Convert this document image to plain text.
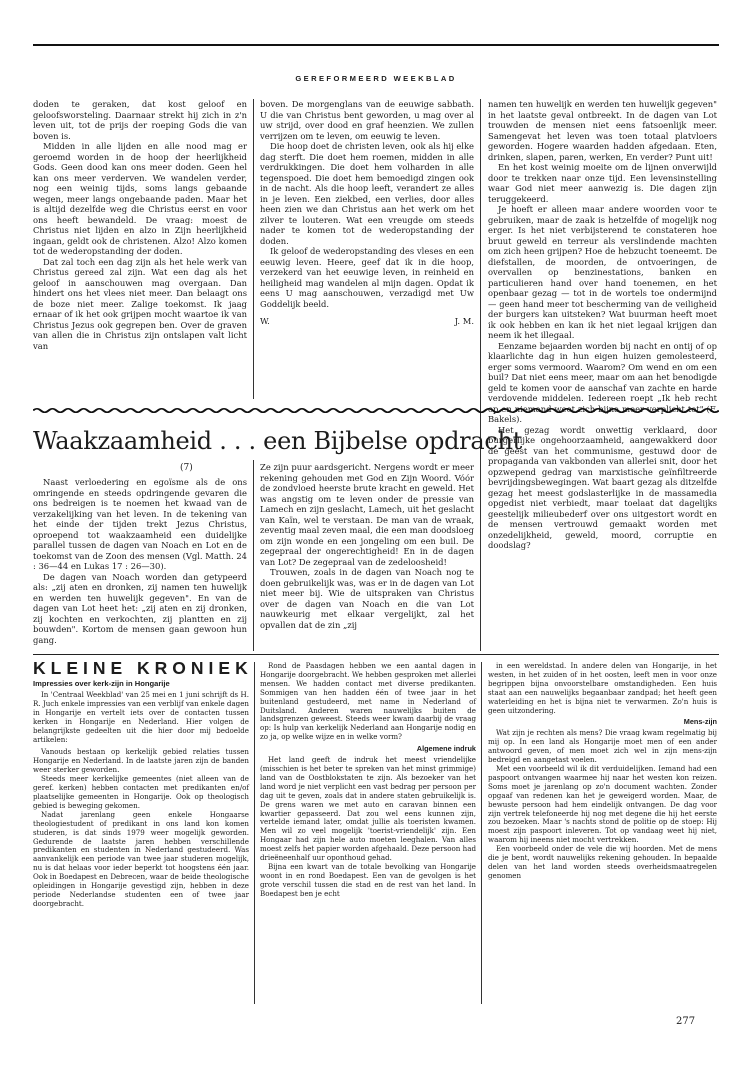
GEREFORMEERD WEEKBLAD

doden te geraken, dat kost geloof en geloofsworsteling. Daarnaar strekt hij zich in z'n leven uit, tot de prijs der roeping Gods die van boven is.

Midden in alle lijden en alle nood mag er geroemd worden in de hoop der heerlijkheid Gods. Geen dood kan ons meer doden. Geen hel kan ons meer verderven. We wandelen verder, nog een weinig tijds, soms langs gebaande wegen, meer langs ongebaande paden. Maar het is altijd dezelfde weg die Christus eerst en voor ons heeft bewandeld. De vraag: moest de Christus niet lijden en alzo in Zijn heerlijkheid ingaan, geldt ook de christenen. Alzo! Alzo komen tot de wederopstanding der doden.

Dat zal toch een dag zijn als het hele werk van Christus gereed zal zijn. Wat een dag als het geloof in aanschouwen mag overgaan. Dan hindert ons het vlees niet meer. Dan belaagt ons de boze niet meer. Zalige toekomst. Ik jaag ernaar of ik het ook grijpen mocht waartoe ik van Christus Jezus ook gegrepen ben. Over de graven van allen die in Christus zijn ontslapen valt licht van

boven. De morgenglans van de eeuwige sabbath. U die van Christus bent geworden, u mag over al uw strijd, over dood en graf heenzien. We zullen verrijzen om te leven, om eeuwig te leven.

Die hoop doet de christen leven, ook als hij elke dag sterft. Die doet hem roemen, midden in alle verdrukkingen. Die doet hem volharden in alle tegenspoed. Die doet hem bemoedigd zingen ook in de nacht. Als die hoop leeft, verandert ze alles in je leven. Een ziekbed, een verlies, door alles heen zien we dan Christus aan het werk om het zilver te louteren. Wat een vreugde om steeds nader te komen tot de wederopstanding der doden.

Ik geloof de wederopstanding des vleses en een eeuwig leven. Heere, geef dat ik in die hoop, verzekerd van het eeuwige leven, in reinheid en heiligheid mag wandelen al mijn dagen. Opdat ik eens U mag aanschouwen, verzadigd met Uw Goddelijk beeld.

W.	J. M.

namen ten huwelijk en werden ten huwelijk gegeven" in het laatste geval ontbreekt. In de dagen van Lot trouwden de mensen niet eens fatsoenlijk meer. Samengevat het leven was toen totaal platvloers geworden. Hogere waarden hadden afgedaan. Eten, drinken, slapen, paren, werken, En verder? Punt uit!

En het kost weinig moeite om de lijnen onverwijld door te trekken naar onze tijd. Een levensinstelling waar God niet meer aanwezig is. Die dagen zijn teruggekeerd.

Je hoeft er alleen maar andere woorden voor te gebruiken, maar de zaak is hetzelfde of mogelijk nog erger. Is het niet verbijsterend te constateren hoe bruut geweld en terreur als verslindende machten om zich heen grijpen? Hoe de hebzucht toeneemt. De diefstallen, de moorden, de ontvoeringen, de overvallen op benzinestations, banken en particulieren hand over hand toenemen, en het openbaar gezag — tot in de wortels toe ondermijnd — geen hand meer tot bescherming van de veiligheid der burgers kan uitsteken? Wat buurman heeft moet ik ook hebben en kan ik het niet legaal krijgen dan neem ik het illegaal.

Eenzame bejaarden worden bij nacht en ontij of op klaarlichte dag in hun eigen huizen gemolesteerd, erger soms vermoord. Waarom? Om wend en om een buil? Dat niet eens meer, maar om aan het benodigde geld te komen voor de aanschaf van zachte en harde verdovende middelen. Iedereen roept „Ik heb recht op en niemand weet zich bijna meer verplicht tot" (F. Bakels).

Het gezag wordt onwettig verklaard, door burgerlijke ongehoorzaamheid, aangewakkerd door de geest van het communisme, gestuwd door de propaganda van vakbonden van allerlei snit, door het opzwepend gedrag van marxistische geïnfiltreerde bevrijdingsbewegingen. Wat baart gezag als ditzelfde gezag het meest godslasterlijke in de massamedia opgedist niet verbiedt, maar toelaat dat dagelijks geestelijk milieubederf over ons uitgestort wordt en de mensen vertrouwd gemaakt worden met onzedelijkheid, geweld, moord, corruptie en doodslag?

Waakzaamheid . . . een Bijbelse opdracht
(7)

Naast verloedering en egoïsme als de ons omringende en steeds opdringende gevaren die ons bedreigen is te noemen het kwaad van de verzakelijking van het leven. In de tekening van het einde der tijden trekt Jezus Christus, oproepend tot waakzaamheid een duidelijke parallel tussen de dagen van Noach en Lot en de toekomst van de Zoon des mensen (Vgl. Matth. 24 : 36—44 en Lukas 17 : 26—30).

De dagen van Noach worden dan getypeerd als: „zij aten en dronken, zij namen ten huwelijk en werden ten huwelijk gegeven". En van de dagen van Lot heet het: „zij aten en zij dronken, zij kochten en verkochten, zij plantten en zij bouwden". Kortom de mensen gaan gewoon hun gang.

Ze zijn puur aardsgericht. Nergens wordt er meer rekening gehouden met God en Zijn Woord. Vóór de zondvloed heerste brute kracht en geweld. Het was angstig om te leven onder de pressie van Lamech en zijn geslacht, Lamech, uit het geslacht van Kaïn, wel te verstaan. De man van de wraak, zeventig maal zeven maal, die een man doodsloeg om zijn wonde en een jongeling om een buil. De zegepraal der ongerechtigheid! En in de dagen van Lot? De zegepraal van de zedeloosheid!

Trouwen, zoals in de dagen van Noach nog te doen gebruikelijk was, was er in de dagen van Lot niet meer bij. Wie de uitspraken van Christus over de dagen van Noach en die van Lot nauwkeurig met elkaar vergelijkt, zal het opvallen dat de zin „zij

KLEINE KRONIEK
Impressies over kerk-zijn in Hongarije

In 'Centraal Weekblad' van 25 mei en 1 juni schrijft ds H. R. Juch enkele impressies van een verblijf van enkele dagen in Hongarije en vertelt iets over de contacten tussen kerken in Hongarije en Nederland. Hier volgen de belangrijkste gedeelten uit die hier door mij bedoelde artikelen:

Vanouds bestaan op kerkelijk gebied relaties tussen Hongarije en Nederland. In de laatste jaren zijn de banden weer sterker geworden.

Steeds meer kerkelijke gemeentes (niet alleen van de geref. kerken) hebben contacten met predikanten en/of plaatselijke gemeenten in Hongarije. Ook op theologisch gebied is beweging gekomen.

Nadat jarenlang geen enkele Hongaarse theologiestudent of predikant in ons land kon komen studeren, is dat sinds 1979 weer mogelijk geworden. Gedurende de laatste jaren hebben verschillende predikanten en studenten in Nederland gestudeerd. Was aanvankelijk een periode van twee jaar studeren mogelijk, nu is dat helaas voor ieder beperkt tot hoogstens één jaar. Ook in Boedapest en Debrecen, waar de beide theologische opleidingen in Hongarije gevestigd zijn, hebben in deze periode Nederlandse studenten een of twee jaar doorgebracht.

Rond de Paasdagen hebben we een aantal dagen in Hongarije doorgebracht. We hebben gesproken met allerlei mensen. We hadden contact met diverse predikanten. Sommigen van hen hadden één of twee jaar in het buitenland gestudeerd, met name in Nederland of Duitsland. Anderen waren nauwelijks buiten de landsgrenzen geweest. Steeds weer kwam daarbij de vraag op: Is hulp van kerkelijk Nederland aan Hongarije nodig en zo ja, op welke wijze en in welke vorm?

Algemene indruk

Het land geeft de indruk het meest vriendelijke (misschien is het beter te spreken van het minst grimmige) land van de Oostblokstaten te zijn. Als bezoeker van het land word je niet verplicht een vast bedrag per persoon per dag uit te geven, zoals dat in andere staten gebruikelijk is. De grens waren we met auto en caravan binnen een kwartier gepasseerd. Dat zou wel eens kunnen zijn, vertelde iemand later, omdat jullie als toeristen kwamen. Men wil zo veel mogelijk 'toerist-vriendelijk' zijn. Een Hongaar had zijn hele auto moeten leeghalen. Van alles moest zelfs het papier worden afgehaald. Deze persoon had drieëneenhalf uur oponthoud gehad.

Bijna een kwart van de totale bevolking van Hongarije woont in en rond Boedapest. Een van de gevolgen is het grote verschil tussen die stad en de rest van het land. In Boedapest ben je echt

in een wereldstad. In andere delen van Hongarije, in het westen, in het zuiden of in het oosten, leeft men in voor onze begrippen bijna onvoorstelbare omstandigheden. Een huis staat aan een nauwelijks begaanbaar zandpad; het heeft geen waterleiding en het is bijna niet te verwarmen. Zo'n huis is geen uitzondering.

Mens-zijn

Wat zijn je rechten als mens? Die vraag kwam regelmatig bij mij op. In een land als Hongarije moet men of een ander antwoord geven, of men moet zich wel in zijn mens-zijn bedreigd en aangetast voelen.

Met een voorbeeld wil ik dit verduidelijken. Iemand had een paspoort ontvangen waarmee hij naar het westen kon reizen. Soms moet je jarenlang op zo'n document wachten. Zonder opgaaf van redenen kan het je geweigerd worden. Maar, de bewuste persoon had hem eindelijk ontvangen. De dag voor zijn vertrek telefoneerde hij nog met degene die hij het eerste zou bezoeken. Maar 's nachts stond de politie op de stoep: Hij moest zijn paspoort inleveren. Tot op vandaag weet hij niet, waarom hij ineens niet mocht vertrekken.

Een voorbeeld onder de vele die wij hoorden. Met de mens die je bent, wordt nauwelijks rekening gehouden. In bepaalde delen van het land worden steeds overheidsmaatregelen genomen

277
